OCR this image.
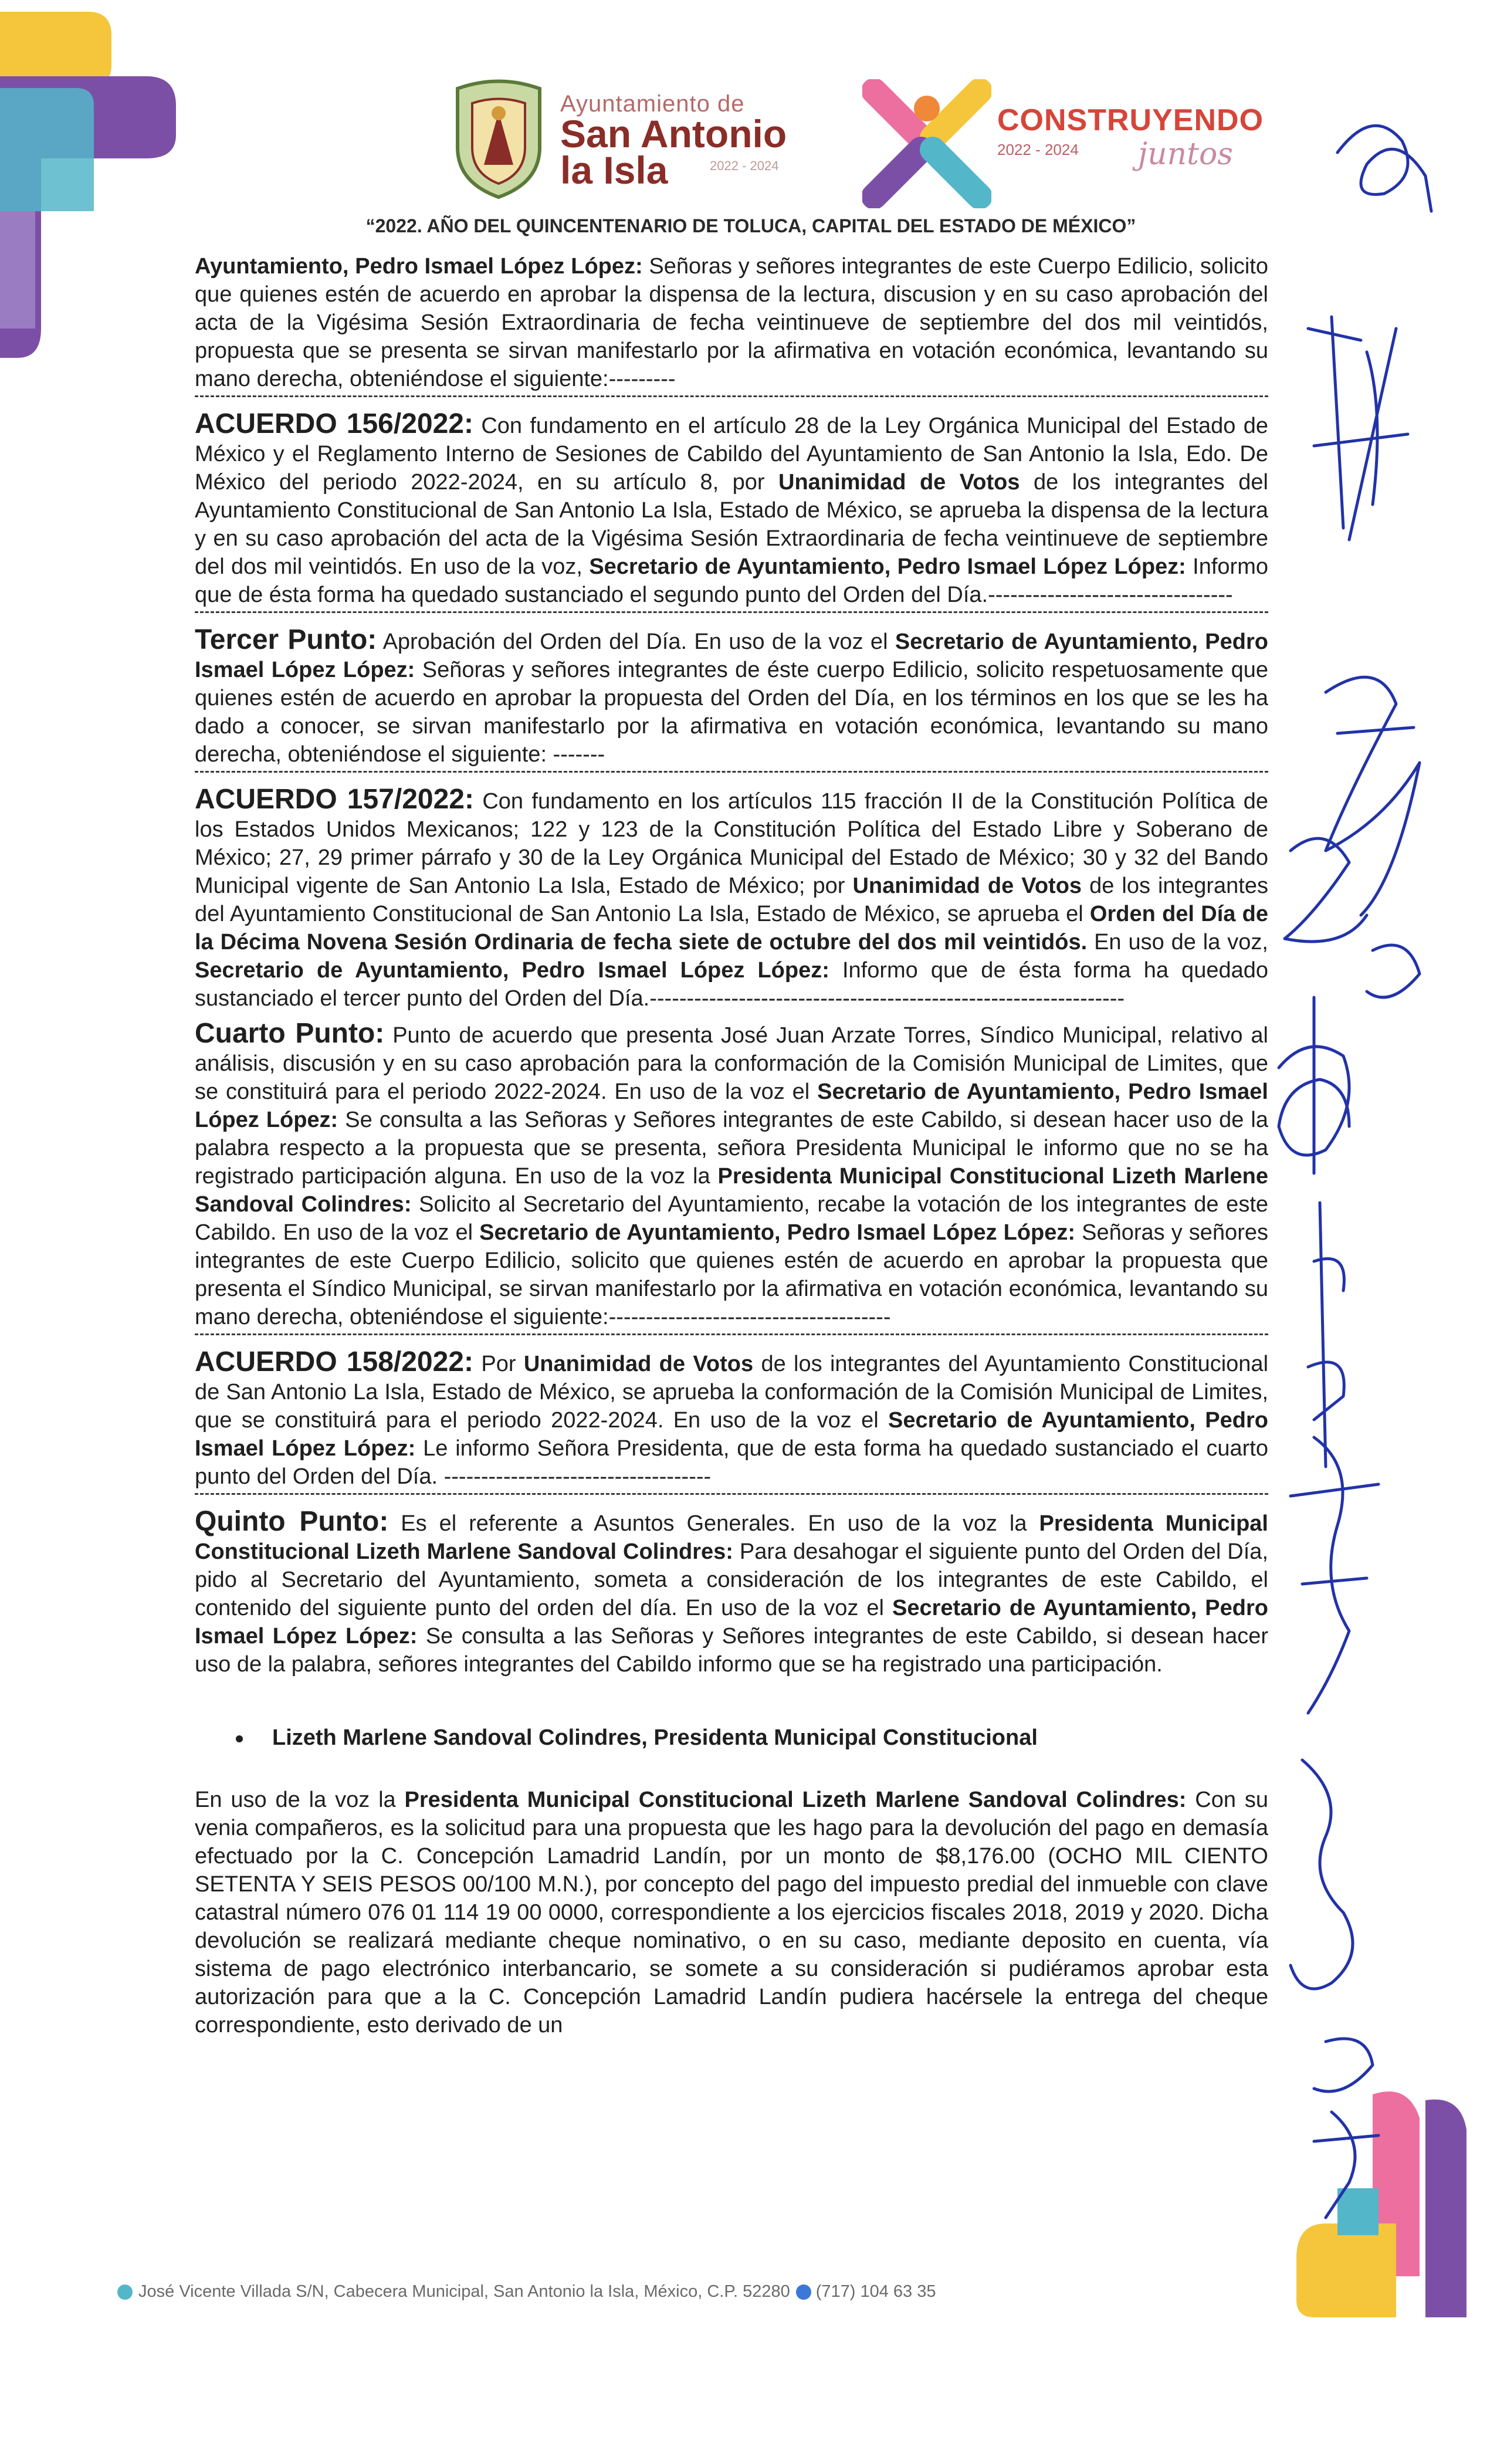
Ayuntamiento de
San Antonio
la Isla	2022 - 2024
CONSTRUYENDO
2022 - 2024 juntos
“2022. AÑO DEL QUINCENTENARIO DE TOLUCA, CAPITAL DEL ESTADO DE MÉXICO”

Ayuntamiento, Pedro Ismael López López: Señoras y señores integrantes de este Cuerpo Edilicio, solicito que quienes estén de acuerdo en aprobar la dispensa de la lectura, discusion y en su caso aprobación del acta de la Vigésima Sesión Extraordinaria de fecha veintinueve de septiembre del dos mil veintidós, propuesta que se presenta se sirvan manifestarlo por la afirmativa en votación económica, levantando su mano derecha, obteniéndose el siguiente:---------

ACUERDO 156/2022: Con fundamento en el artículo 28 de la Ley Orgánica Municipal del Estado de México y el Reglamento Interno de Sesiones de Cabildo del Ayuntamiento de San Antonio la Isla, Edo. De México del periodo 2022-2024, en su artículo 8, por Unanimidad de Votos de los integrantes del Ayuntamiento Constitucional de San Antonio La Isla, Estado de México, se aprueba la dispensa de la lectura y en su caso aprobación del acta de la Vigésima Sesión Extraordinaria de fecha veintinueve de septiembre del dos mil veintidós. En uso de la voz, Secretario de Ayuntamiento, Pedro Ismael López López: Informo que de ésta forma ha quedado sustanciado el segundo punto del Orden del Día.---------------------------------

Tercer Punto: Aprobación del Orden del Día. En uso de la voz el Secretario de Ayuntamiento, Pedro Ismael López López: Señoras y señores integrantes de éste cuerpo Edilicio, solicito respetuosamente que quienes estén de acuerdo en aprobar la propuesta del Orden del Día, en los términos en los que se les ha dado a conocer, se sirvan manifestarlo por la afirmativa en votación económica, levantando su mano derecha, obteniéndose el siguiente: -------

ACUERDO 157/2022: Con fundamento en los artículos 115 fracción II de la Constitución Política de los Estados Unidos Mexicanos; 122 y 123 de la Constitución Política del Estado Libre y Soberano de México; 27, 29 primer párrafo y 30 de la Ley Orgánica Municipal del Estado de México; 30 y 32 del Bando Municipal vigente de San Antonio La Isla, Estado de México; por Unanimidad de Votos de los integrantes del Ayuntamiento Constitucional de San Antonio La Isla, Estado de México, se aprueba el Orden del Día de la Décima Novena Sesión Ordinaria de fecha siete de octubre del dos mil veintidós. En uso de la voz, Secretario de Ayuntamiento, Pedro Ismael López López: Informo que de ésta forma ha quedado sustanciado el tercer punto del Orden del Día.----------------------------------------------------------------

Cuarto Punto: Punto de acuerdo que presenta José Juan Arzate Torres, Síndico Municipal, relativo al análisis, discusión y en su caso aprobación para la conformación de la Comisión Municipal de Limites, que se constituirá para el periodo 2022-2024. En uso de la voz el Secretario de Ayuntamiento, Pedro Ismael López López: Se consulta a las Señoras y Señores integrantes de este Cabildo, si desean hacer uso de la palabra respecto a la propuesta que se presenta, señora Presidenta Municipal le informo que no se ha registrado participación alguna. En uso de la voz la Presidenta Municipal Constitucional Lizeth Marlene Sandoval Colindres: Solicito al Secretario del Ayuntamiento, recabe la votación de los integrantes de este Cabildo. En uso de la voz el Secretario de Ayuntamiento, Pedro Ismael López López: Señoras y señores integrantes de este Cuerpo Edilicio, solicito que quienes estén de acuerdo en aprobar la propuesta que presenta el Síndico Municipal, se sirvan manifestarlo por la afirmativa en votación económica, levantando su mano derecha, obteniéndose el siguiente:--------------------------------------

ACUERDO 158/2022: Por Unanimidad de Votos de los integrantes del Ayuntamiento Constitucional de San Antonio La Isla, Estado de México, se aprueba la conformación de la Comisión Municipal de Limites, que se constituirá para el periodo 2022-2024. En uso de la voz el Secretario de Ayuntamiento, Pedro Ismael López López: Le informo Señora Presidenta, que de esta forma ha quedado sustanciado el cuarto punto del Orden del Día. ------------------------------------

Quinto Punto: Es el referente a Asuntos Generales. En uso de la voz la Presidenta Municipal Constitucional Lizeth Marlene Sandoval Colindres: Para desahogar el siguiente punto del Orden del Día, pido al Secretario del Ayuntamiento, someta a consideración de los integrantes de este Cabildo, el contenido del siguiente punto del orden del día. En uso de la voz el Secretario de Ayuntamiento, Pedro Ismael López López: Se consulta a las Señoras y Señores integrantes de este Cabildo, si desean hacer uso de la palabra, señores integrantes del Cabildo informo que se ha registrado una participación.

Lizeth Marlene Sandoval Colindres, Presidenta Municipal Constitucional

En uso de la voz la Presidenta Municipal Constitucional Lizeth Marlene Sandoval Colindres: Con su venia compañeros, es la solicitud para una propuesta que les hago para la devolución del pago en demasía efectuado por la C. Concepción Lamadrid Landín, por un monto de $8,176.00 (OCHO MIL CIENTO SETENTA Y SEIS PESOS 00/100 M.N.), por concepto del pago del impuesto predial del inmueble con clave catastral número 076 01 114 19 00 0000, correspondiente a los ejercicios fiscales 2018, 2019 y 2020. Dicha devolución se realizará mediante cheque nominativo, o en su caso, mediante deposito en cuenta, vía sistema de pago electrónico interbancario, se somete a su consideración si pudiéramos aprobar esta autorización para que a la C. Concepción Lamadrid Landín pudiera hacérsele la entrega del cheque correspondiente, esto derivado de un

José Vicente Villada S/N, Cabecera Municipal, San Antonio la Isla, México, C.P. 52280 (717) 104 63 35
